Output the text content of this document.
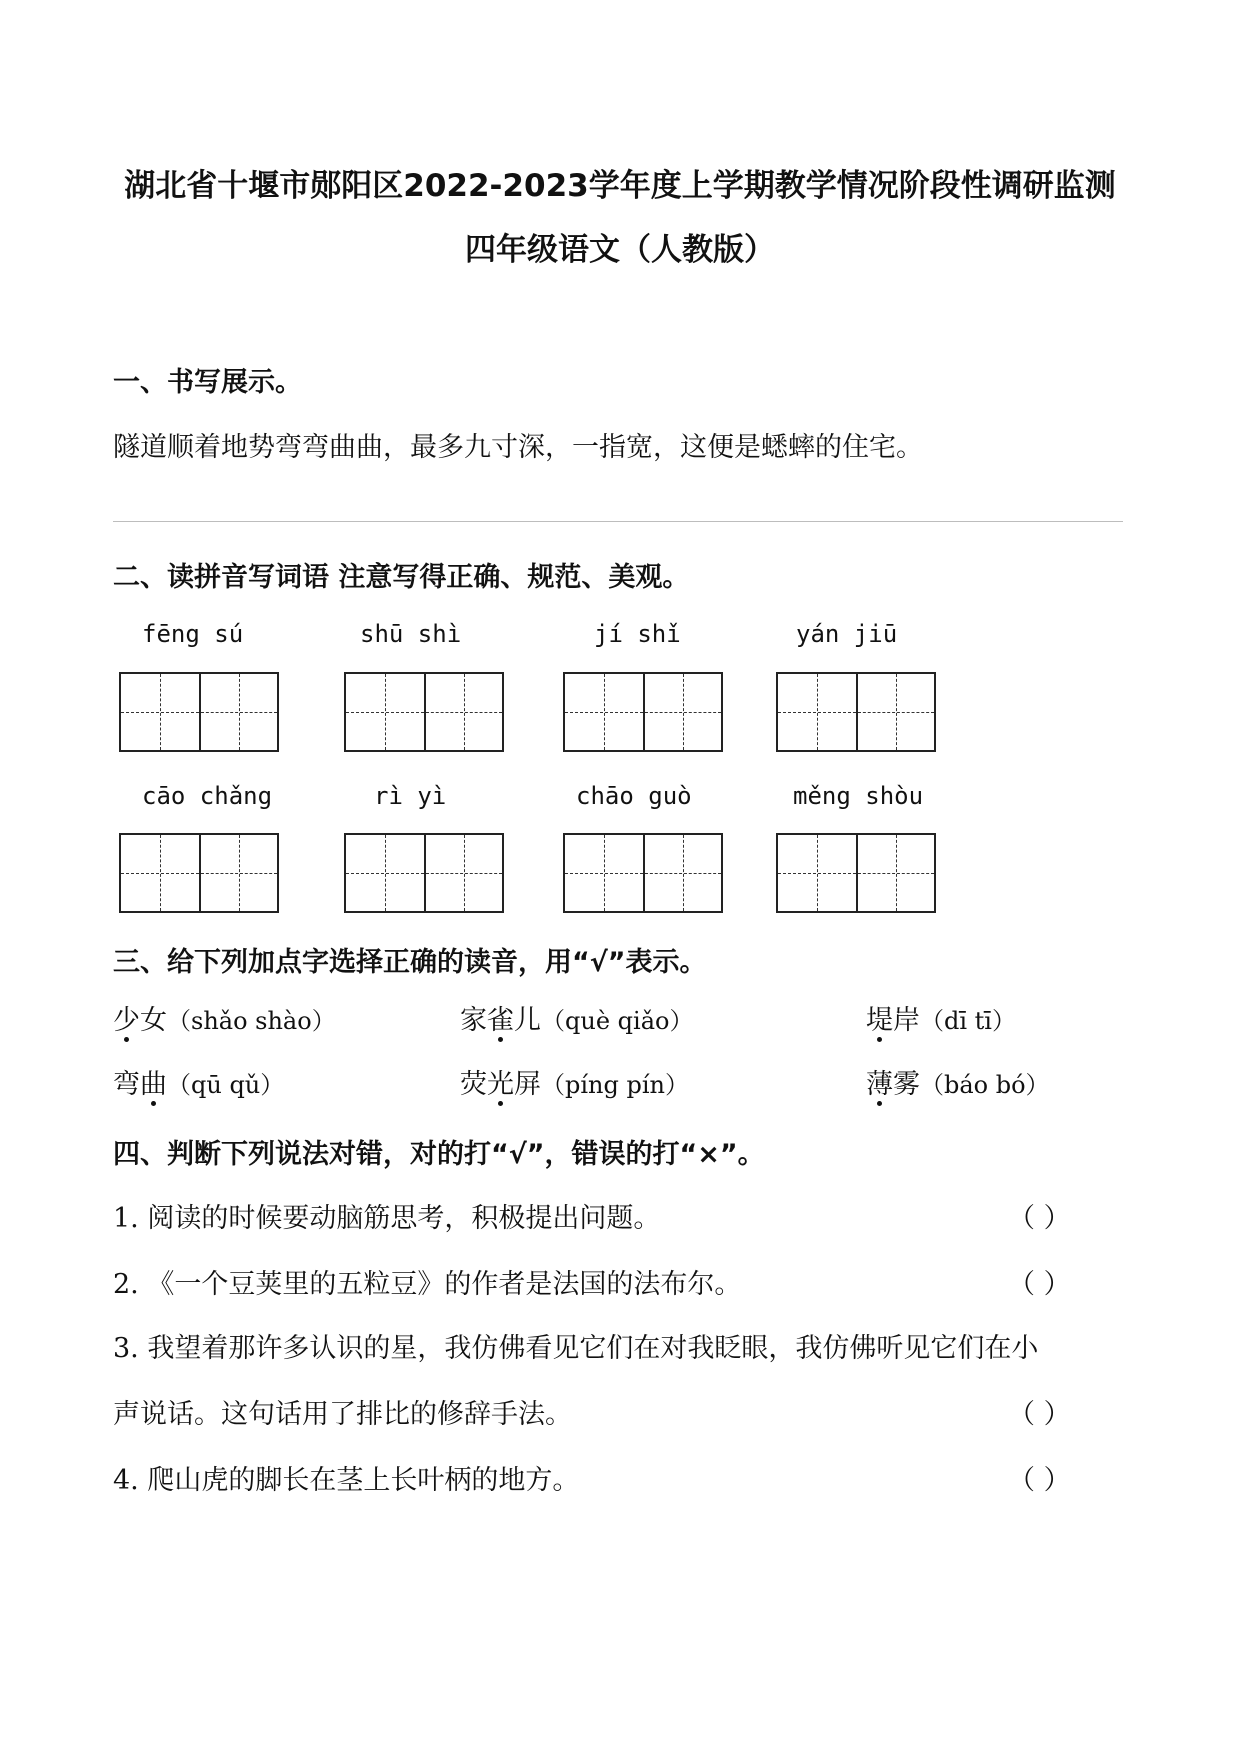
湖北省十堰市郧阳区2022-2023学年度上学期教学情况阶段性调研监测
四年级语文（人教版）
一、书写展示。
隧道顺着地势弯弯曲曲，最多九寸深，一指宽，这便是蟋蟀的住宅。
二、读拼音写词语 注意写得正确、规范、美观。
fēng sú	shū shì	jí shǐ	yán jiū
cāo chǎng	rì yì	chāo guò	měng shòu
三、给下列加点字选择正确的读音，用“√”表示。
少女（shǎo shào）	家雀儿（què qiǎo）	堤岸（dī tī）
弯曲（qū qǔ）	荧光屏（píng pín）	薄雾（báo bó）
四、判断下列说法对错，对的打“√”，错误的打“×”。
1. 阅读的时候要动脑筋思考，积极提出问题。	（ ）
2. 《一个豆荚里的五粒豆》的作者是法国的法布尔。	（ ）
3. 我望着那许多认识的星，我仿佛看见它们在对我眨眼，我仿佛听见它们在小
声说话。这句话用了排比的修辞手法。	（ ）
4. 爬山虎的脚长在茎上长叶柄的地方。	（ ）
